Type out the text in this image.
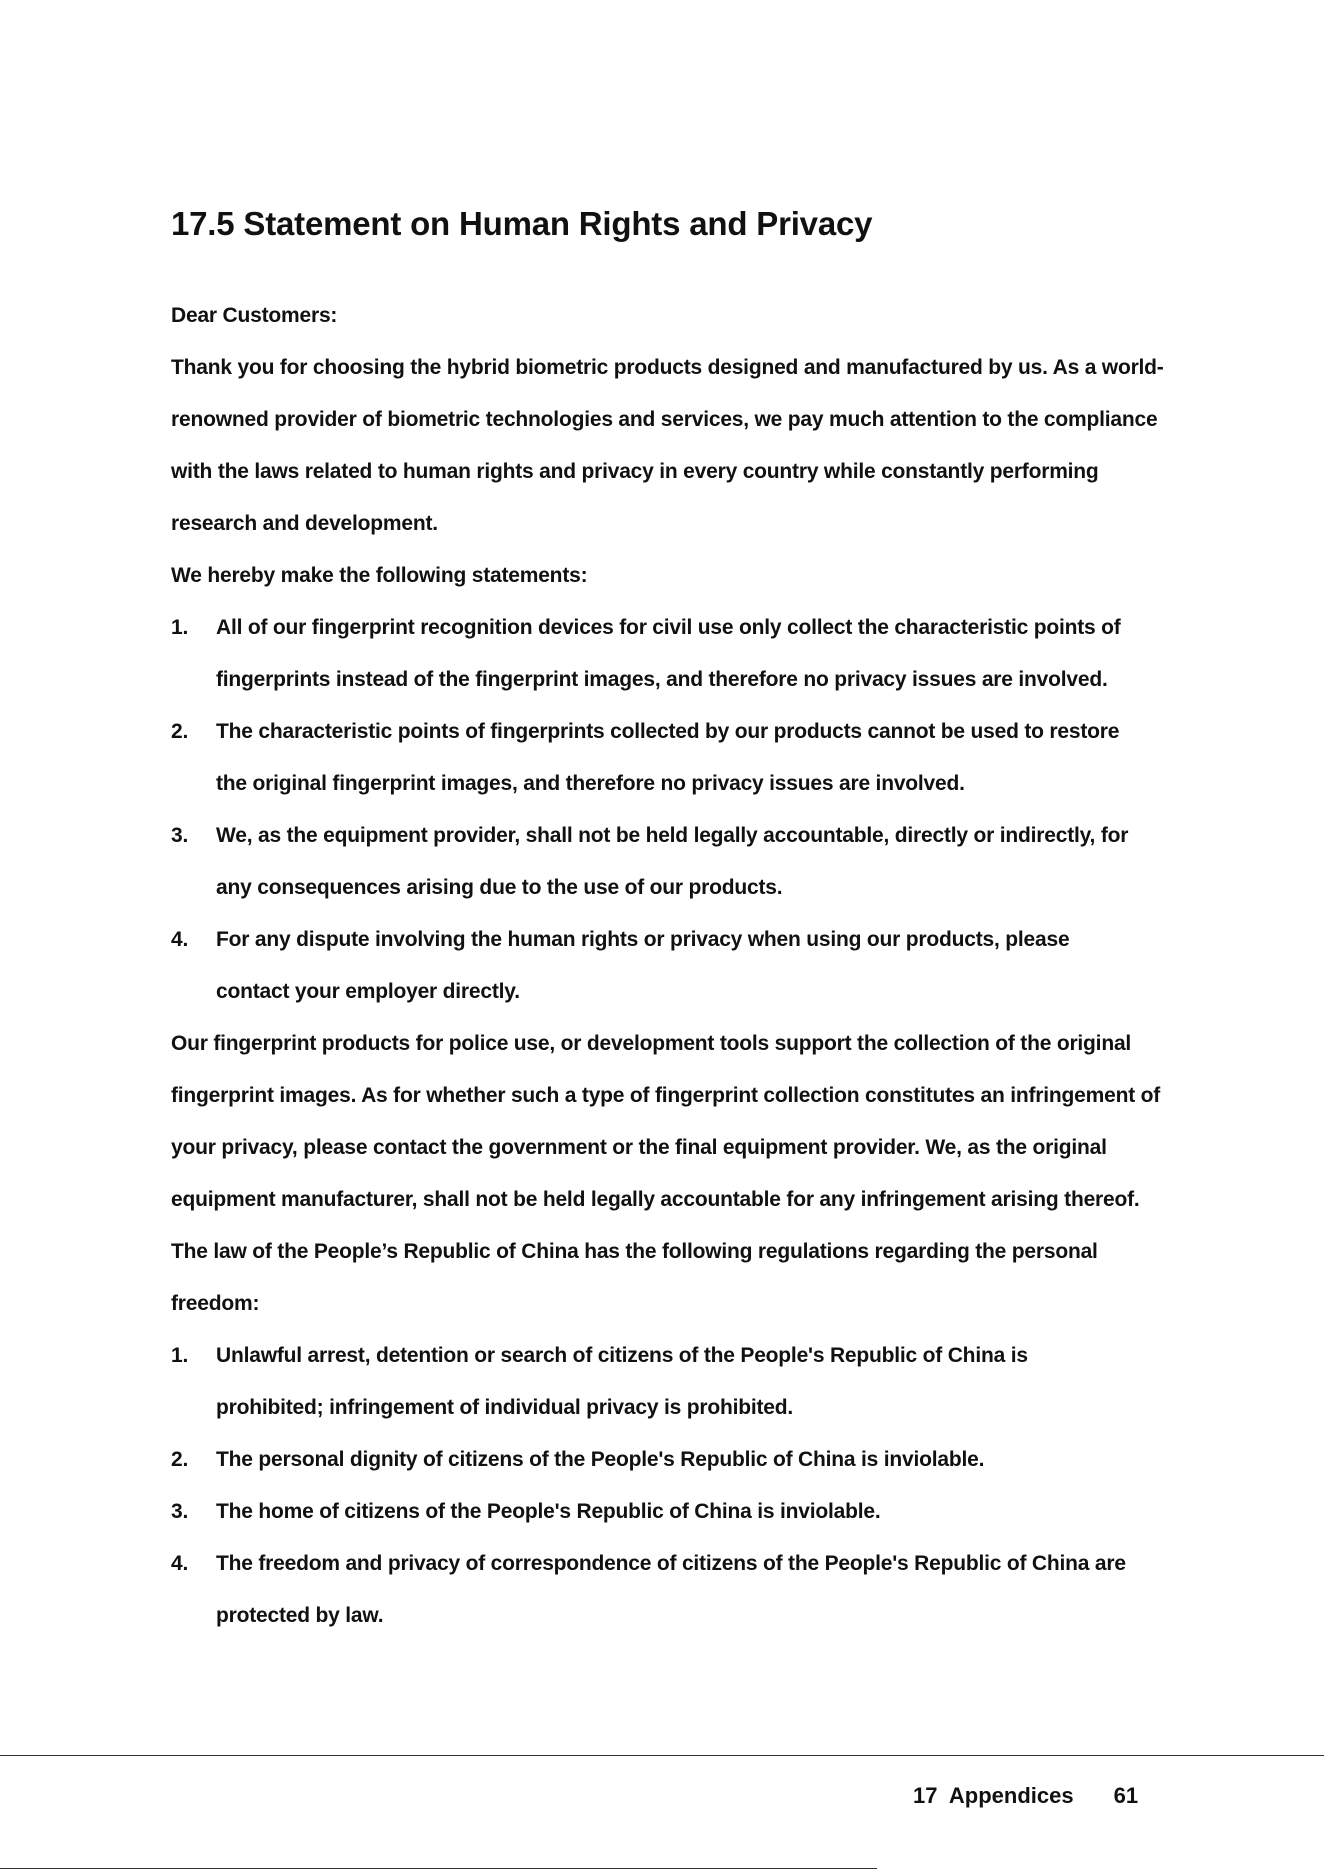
17.5 Statement on Human Rights and Privacy

Dear Customers:

Thank you for choosing the hybrid biometric products designed and manufactured by us. As a world-renowned provider of biometric technologies and services, we pay much attention to the compliance with the laws related to human rights and privacy in every country while constantly performing research and development.

We hereby make the following statements:

1.	All of our fingerprint recognition devices for civil use only collect the characteristic points of fingerprints instead of the fingerprint images, and therefore no privacy issues are involved.
2.	The characteristic points of fingerprints collected by our products cannot be used to restore the original fingerprint images, and therefore no privacy issues are involved.
3.	We, as the equipment provider, shall not be held legally accountable, directly or indirectly, for any consequences arising due to the use of our products.
4.	For any dispute involving the human rights or privacy when using our products, please contact your employer directly.

Our fingerprint products for police use, or development tools support the collection of the original fingerprint images. As for whether such a type of fingerprint collection constitutes an infringement of your privacy, please contact the government or the final equipment provider. We, as the original equipment manufacturer, shall not be held legally accountable for any infringement arising thereof.

The law of the People’s Republic of China has the following regulations regarding the personal freedom:

1.	Unlawful arrest, detention or search of citizens of the People's Republic of China is prohibited; infringement of individual privacy is prohibited.
2.	The personal dignity of citizens of the People's Republic of China is inviolable.
3.	The home of citizens of the People's Republic of China is inviolable.
4.	The freedom and privacy of correspondence of citizens of the People's Republic of China are protected by law.
17  Appendices 61
